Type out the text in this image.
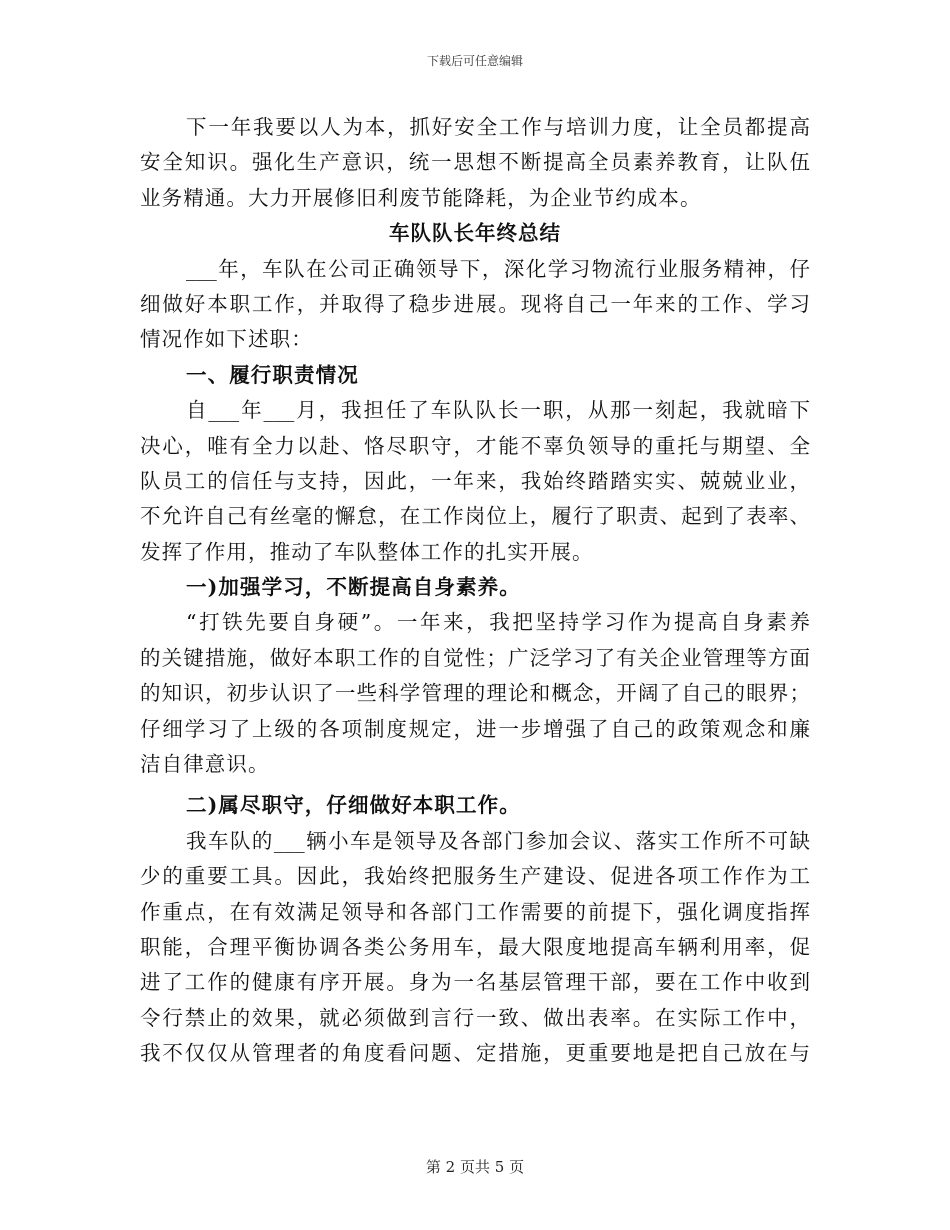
下载后可任意编辑
下一年我要以人为本，抓好安全工作与培训力度，让全员都提高
安全知识。强化生产意识，统一思想不断提高全员素养教育，让队伍
业务精通。大力开展修旧利废节能降耗，为企业节约成本。
车队队长年终总结
___年，车队在公司正确领导下，深化学习物流行业服务精神，仔
细做好本职工作，并取得了稳步进展。现将自己一年来的工作、学习
情况作如下述职：
一、履行职责情况
自___年___月，我担任了车队队长一职，从那一刻起，我就暗下
决心，唯有全力以赴、恪尽职守，才能不辜负领导的重托与期望、全
队员工的信任与支持，因此，一年来，我始终踏踏实实、兢兢业业，
不允许自己有丝毫的懈怠，在工作岗位上，履行了职责、起到了表率、
发挥了作用，推动了车队整体工作的扎实开展。
一)加强学习，不断提高自身素养。
“打铁先要自身硬”。一年来，我把坚持学习作为提高自身素养
的关键措施，做好本职工作的自觉性；广泛学习了有关企业管理等方面
的知识，初步认识了一些科学管理的理论和概念，开阔了自己的眼界；
仔细学习了上级的各项制度规定，进一步增强了自己的政策观念和廉
洁自律意识。
二)属尽职守，仔细做好本职工作。
我车队的___辆小车是领导及各部门参加会议、落实工作所不可缺
少的重要工具。因此，我始终把服务生产建设、促进各项工作作为工
作重点，在有效满足领导和各部门工作需要的前提下，强化调度指挥
职能，合理平衡协调各类公务用车，最大限度地提高车辆利用率，促
进了工作的健康有序开展。身为一名基层管理干部，要在工作中收到
令行禁止的效果，就必须做到言行一致、做出表率。在实际工作中，
我不仅仅从管理者的角度看问题、定措施，更重要地是把自己放在与
第 2 页共 5 页
